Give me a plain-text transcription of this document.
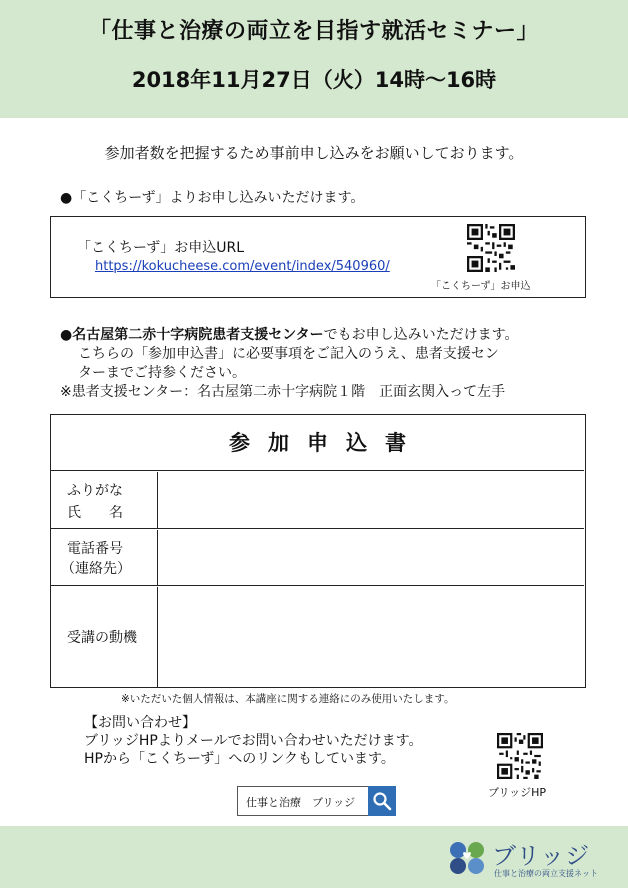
「仕事と治療の両立を目指す就活セミナー」
2018年11月27日（火）14時～16時
参加者数を把握するため事前申し込みをお願いしております。
●「こくちーず」よりお申し込みいただけます。
「こくちーず」お申込URL
https://kokucheese.com/event/index/540960/
「こくちーず」お申込
●名古屋第二赤十字病院患者支援センターでもお申し込みいただけます。
こちらの「参加申込書」に必要事項をご記入のうえ、患者支援セン
ターまでご持参ください。
※患者支援センター：名古屋第二赤十字病院１階　正面玄関入って左手
参加申込書
ふりがな
氏　　名
電話番号
（連絡先）
受講の動機
※いただいた個人情報は、本講座に関する連絡にのみ使用いたします。
【お問い合わせ】
ブリッジHPよりメールでお問い合わせいただけます。
HPから「こくちーず」へのリンクもしています。
ブリッジHP
仕事と治療　ブリッジ
ブリッジ
仕事と治療の両立支援ネット
